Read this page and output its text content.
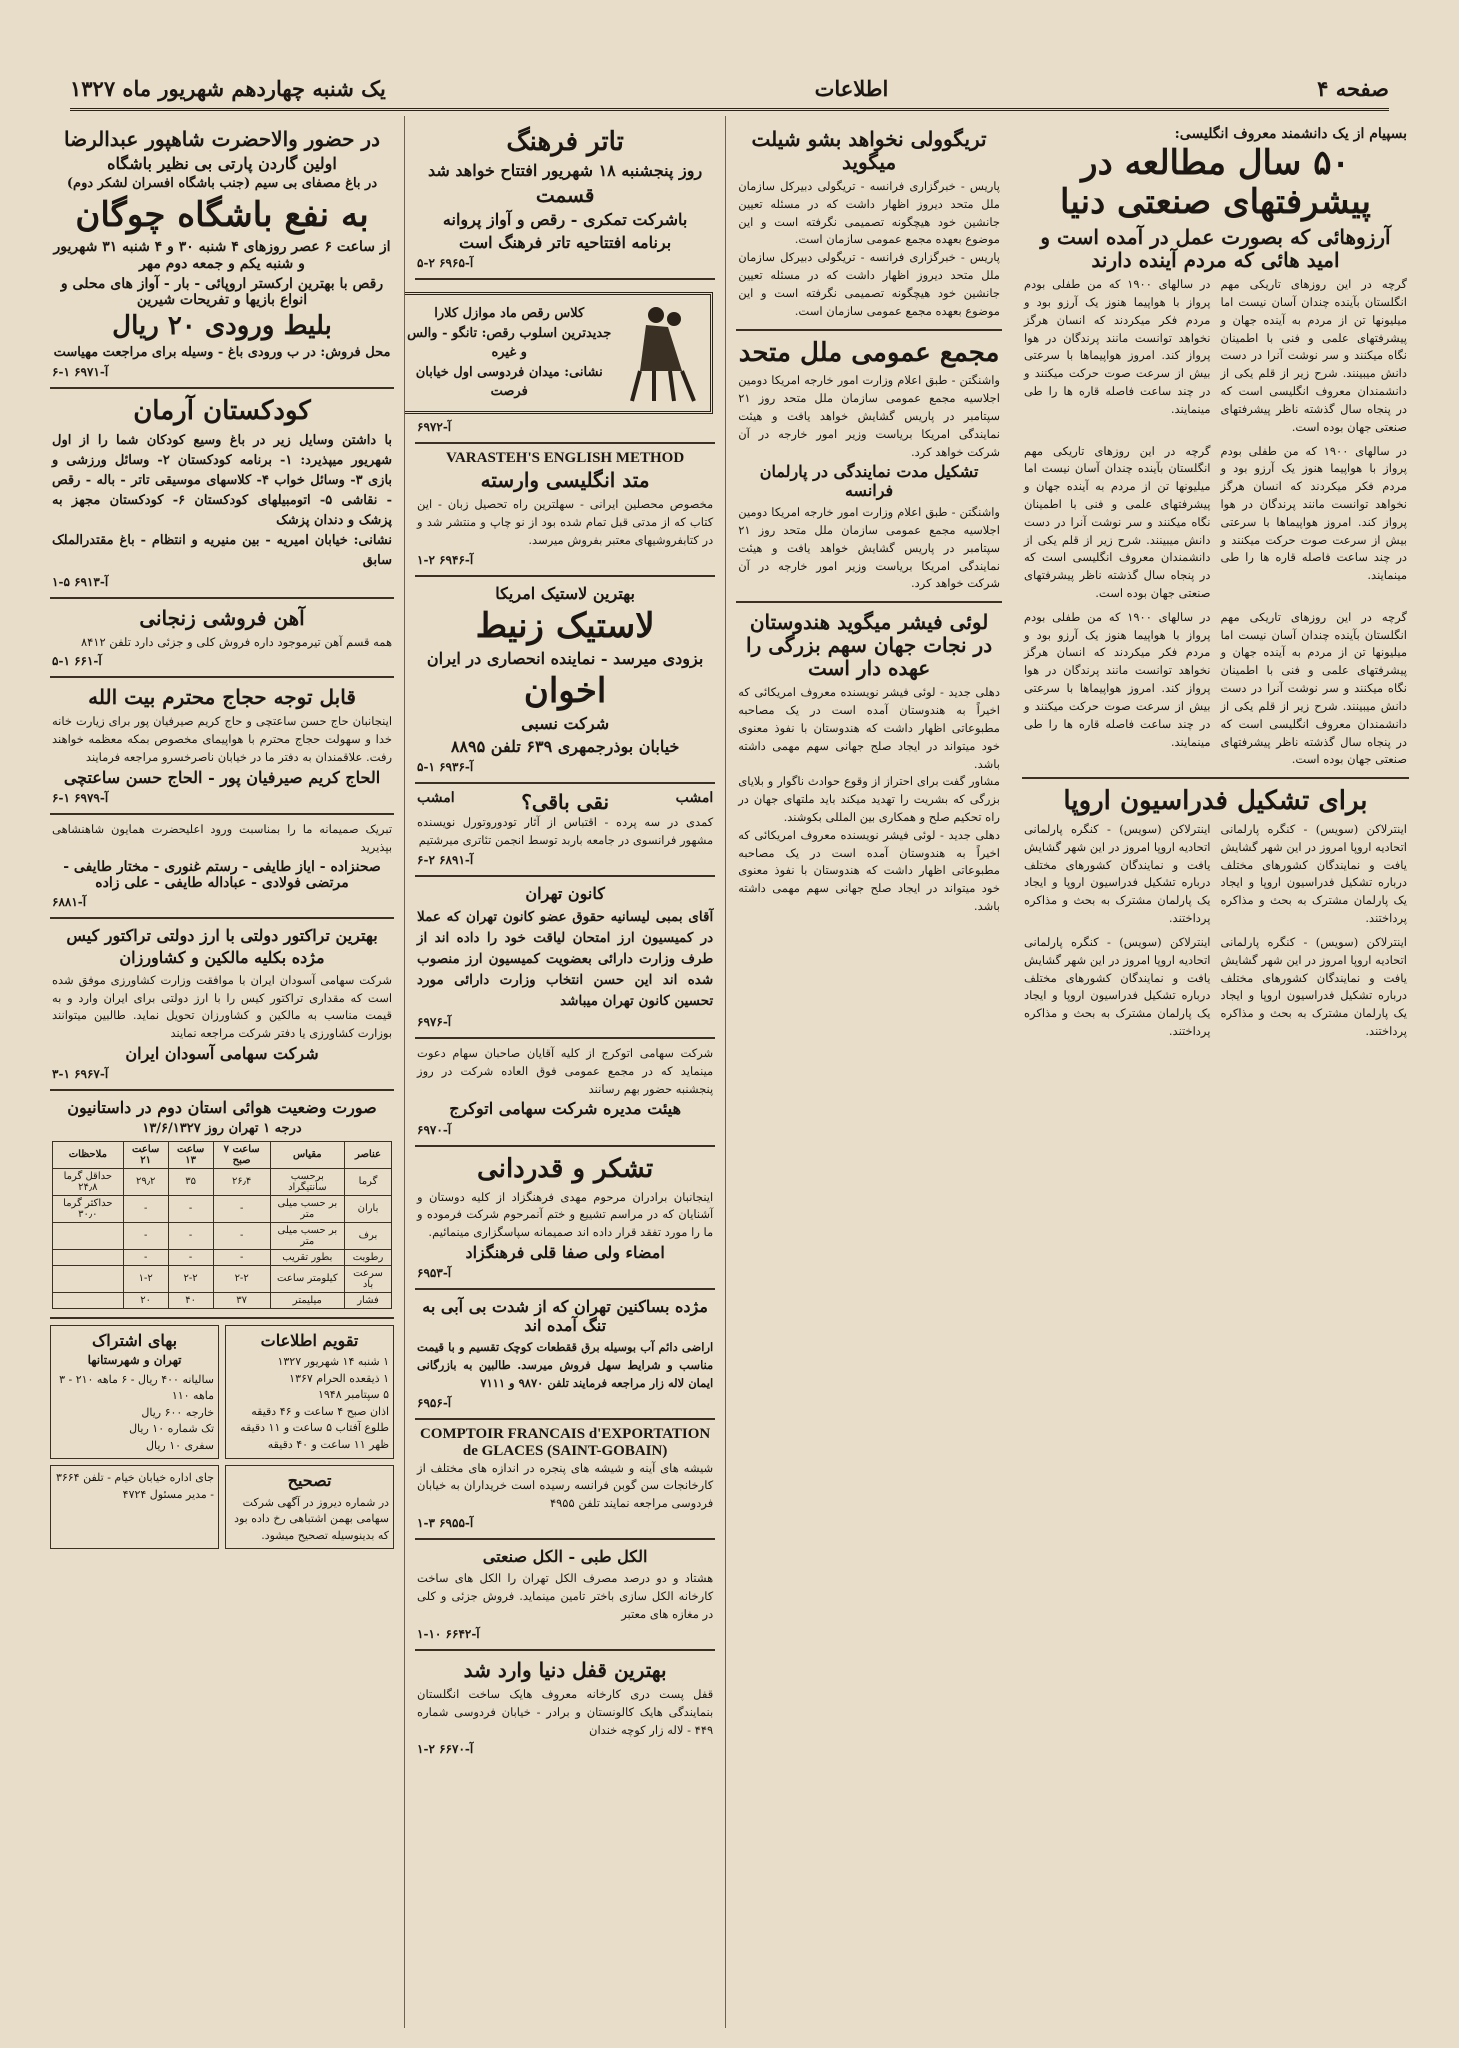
صفحه ۴
اطلاعات
یک شنبه چهاردهم شهریور ماه ۱۳۲۷
بسپیام از یک دانشمند معروف انگلیسی:
۵۰ سال مطالعه در پیشرفتهای صنعتی دنیا
آرزوهائی که بصورت عمل در آمده است و امید هائی که مردم آینده دارند
گرچه در این روزهای تاریکی مهم انگلستان بآینده چندان آسان نیست اما میلیونها تن از مردم به آینده جهان و پیشرفتهای علمی و فنی با اطمینان نگاه میکنند و سر نوشت آنرا در دست دانش میبینند. شرح زیر از قلم یکی از دانشمندان معروف انگلیسی است که در پنجاه سال گذشته ناظر پیشرفتهای صنعتی جهان بوده است.
در سالهای ۱۹۰۰ که من طفلی بودم پرواز با هواپیما هنوز یک آرزو بود و مردم فکر میکردند که انسان هرگز نخواهد توانست مانند پرندگان در هوا پرواز کند. امروز هواپیماها با سرعتی بیش از سرعت صوت حرکت میکنند و در چند ساعت فاصله قاره ها را طی مینمایند.
در سالهای ۱۹۰۰ که من طفلی بودم پرواز با هواپیما هنوز یک آرزو بود و مردم فکر میکردند که انسان هرگز نخواهد توانست مانند پرندگان در هوا پرواز کند. امروز هواپیماها با سرعتی بیش از سرعت صوت حرکت میکنند و در چند ساعت فاصله قاره ها را طی مینمایند.
گرچه در این روزهای تاریکی مهم انگلستان بآینده چندان آسان نیست اما میلیونها تن از مردم به آینده جهان و پیشرفتهای علمی و فنی با اطمینان نگاه میکنند و سر نوشت آنرا در دست دانش میبینند. شرح زیر از قلم یکی از دانشمندان معروف انگلیسی است که در پنجاه سال گذشته ناظر پیشرفتهای صنعتی جهان بوده است.
گرچه در این روزهای تاریکی مهم انگلستان بآینده چندان آسان نیست اما میلیونها تن از مردم به آینده جهان و پیشرفتهای علمی و فنی با اطمینان نگاه میکنند و سر نوشت آنرا در دست دانش میبینند. شرح زیر از قلم یکی از دانشمندان معروف انگلیسی است که در پنجاه سال گذشته ناظر پیشرفتهای صنعتی جهان بوده است.
در سالهای ۱۹۰۰ که من طفلی بودم پرواز با هواپیما هنوز یک آرزو بود و مردم فکر میکردند که انسان هرگز نخواهد توانست مانند پرندگان در هوا پرواز کند. امروز هواپیماها با سرعتی بیش از سرعت صوت حرکت میکنند و در چند ساعت فاصله قاره ها را طی مینمایند.
برای تشکیل فدراسیون اروپا
اینترلاکن (سویس) - کنگره پارلمانی اتحادیه اروپا امروز در این شهر گشایش یافت و نمایندگان کشورهای مختلف درباره تشکیل فدراسیون اروپا و ایجاد یک پارلمان مشترک به بحث و مذاکره پرداختند.
اینترلاکن (سویس) - کنگره پارلمانی اتحادیه اروپا امروز در این شهر گشایش یافت و نمایندگان کشورهای مختلف درباره تشکیل فدراسیون اروپا و ایجاد یک پارلمان مشترک به بحث و مذاکره پرداختند.
اینترلاکن (سویس) - کنگره پارلمانی اتحادیه اروپا امروز در این شهر گشایش یافت و نمایندگان کشورهای مختلف درباره تشکیل فدراسیون اروپا و ایجاد یک پارلمان مشترک به بحث و مذاکره پرداختند.
اینترلاکن (سویس) - کنگره پارلمانی اتحادیه اروپا امروز در این شهر گشایش یافت و نمایندگان کشورهای مختلف درباره تشکیل فدراسیون اروپا و ایجاد یک پارلمان مشترک به بحث و مذاکره پرداختند.
تریگوولی نخواهد بشو شیلت میگوید
پاریس - خبرگزاری فرانسه - تریگولی دبیرکل سازمان ملل متحد دیروز اظهار داشت که در مسئله تعیین جانشین خود هیچگونه تصمیمی نگرفته است و این موضوع بعهده مجمع عمومی سازمان است.
پاریس - خبرگزاری فرانسه - تریگولی دبیرکل سازمان ملل متحد دیروز اظهار داشت که در مسئله تعیین جانشین خود هیچگونه تصمیمی نگرفته است و این موضوع بعهده مجمع عمومی سازمان است.
مجمع عمومی ملل متحد
واشنگتن - طبق اعلام وزارت امور خارجه امریکا دومین اجلاسیه مجمع عمومی سازمان ملل متحد روز ۲۱ سپتامبر در پاریس گشایش خواهد یافت و هیئت نمایندگی امریکا بریاست وزیر امور خارجه در آن شرکت خواهد کرد.
تشکیل مدت نمایندگی در پارلمان فرانسه
واشنگتن - طبق اعلام وزارت امور خارجه امریکا دومین اجلاسیه مجمع عمومی سازمان ملل متحد روز ۲۱ سپتامبر در پاریس گشایش خواهد یافت و هیئت نمایندگی امریکا بریاست وزیر امور خارجه در آن شرکت خواهد کرد.
لوئی فیشر میگوید هندوستان در نجات جهان سهم بزرگی را عهده دار است
دهلی جدید - لوئی فیشر نویسنده معروف امریکائی که اخیراً به هندوستان آمده است در یک مصاحبه مطبوعاتی اظهار داشت که هندوستان با نفوذ معنوی خود میتواند در ایجاد صلح جهانی سهم مهمی داشته باشد.
مشاور گفت برای احتراز از وقوع حوادث ناگوار و بلایای بزرگی که بشریت را تهدید میکند باید ملتهای جهان در راه تحکیم صلح و همکاری بین المللی بکوشند.
دهلی جدید - لوئی فیشر نویسنده معروف امریکائی که اخیراً به هندوستان آمده است در یک مصاحبه مطبوعاتی اظهار داشت که هندوستان با نفوذ معنوی خود میتواند در ایجاد صلح جهانی سهم مهمی داشته باشد.
تاتر فرهنگ
روز پنجشنبه ۱۸ شهریور افتتاح خواهد شد
قسمت
باشرکت تمکری - رقص و آواز پروانه
برنامه افتتاحیه تاتر فرهنگ است
آ-۶۹۶۵ ۲-۵
کلاس رقص ماد موازل کلارا
جدیدترین اسلوب رقص: تانگو - والس و غیره
نشانی: میدان فردوسی اول خیابان فرصت
آ-۶۹۷۲
VARASTEH'S ENGLISH METHOD
متد انگلیسی وارسته
مخصوص محصلین ایرانی - سهلترین راه تحصیل زبان - این کتاب که از مدتی قبل تمام شده بود از نو چاپ و منتشر شد و در کتابفروشیهای معتبر بفروش میرسد.
آ-۶۹۴۶ ۲-۱
بهترین لاستیک امریکا
لاستیک زنیط
بزودی میرسد - نماینده انحصاری در ایران
اخوان
شرکت نسبی
خیابان بوذرجمهری ۶۳۹ تلفن ۸۸۹۵
آ-۶۹۳۶ ۱-۵
امشب
نقی باقی؟
امشب
کمدی در سه پرده - اقتباس از آثار تودوروتورل نویسنده مشهور فرانسوی در جامعه باربد توسط انجمن تئاتری میرشتیم
آ-۶۸۹۱ ۲-۶
کانون تهران
آقای بمبی لیسانیه حقوق عضو کانون تهران که عملا در کمیسیون ارز امتحان لیاقت خود را داده اند از طرف وزارت دارائی بعضویت کمیسیون ارز منصوب شده اند این حسن انتخاب وزارت دارائی مورد تحسین کانون تهران میباشد
آ-۶۹۷۶
شرکت سهامی اتوکرج از کلیه آقایان صاحبان سهام دعوت مینماید که در مجمع عمومی فوق العاده شرکت در روز پنجشنبه حضور بهم رسانند
هیئت مدیره شرکت سهامی اتوکرج
آ-۶۹۷۰
تشکر و قدردانی
اینجانبان برادران مرحوم مهدی فرهنگزاد از کلیه دوستان و آشنایان که در مراسم تشییع و ختم آنمرحوم شرکت فرموده و ما را مورد تفقد قرار داده اند صمیمانه سپاسگزاری مینمائیم.
امضاء ولی صفا قلی فرهنگزاد
آ-۶۹۵۳
مژده بساکنین تهران که از شدت بی آبی به تنگ آمده اند
اراضی دائم آب بوسیله برق ققطعات کوچک تقسیم و با قیمت مناسب و شرایط سهل فروش میرسد. طالبین به بازرگانی ایمان لاله زار مراجعه فرمایند تلفن ۹۸۷۰ و ۷۱۱۱
آ-۶۹۵۶
COMPTOIR FRANCAIS d'EXPORTATION de GLACES (SAINT-GOBAIN)
شیشه های آینه و شیشه های پنجره در اندازه های مختلف از کارخانجات سن گوبن فرانسه رسیده است خریداران به خیابان فردوسی مراجعه نمایند تلفن ۴۹۵۵
آ-۶۹۵۵ ۳-۱
الکل طبی - الکل صنعتی
هشتاد و دو درصد مصرف الکل تهران را الکل های ساخت کارخانه الکل سازی باختر تامین مینماید. فروش جزئی و کلی در مغازه های معتبر
آ-۶۶۴۲ ۱۰-۱
بهترین قفل دنیا وارد شد
قفل پست دری کارخانه معروف هایک ساخت انگلستان بنمایندگی هایک کالونستان و برادر - خیابان فردوسی شماره ۴۴۹ - لاله زار کوچه خندان
آ-۶۶۷۰ ۲-۱
در حضور والاحضرت شاهپور عبدالرضا
اولین گاردن پارتی بی نظیر باشگاه
در باغ مصفای بی سیم (جنب باشگاه افسران لشکر دوم)
به نفع باشگاه چوگان
از ساعت ۶ عصر روزهای ۴ شنبه ۳۰ و ۴ شنبه ۳۱ شهریور و شنبه یکم و جمعه دوم مهر
رقص با بهترین ارکستر اروپائی - بار - آواز های محلی و انواع بازیها و تفریحات شیرین
بلیط ورودی ۲۰ ریال
محل فروش: در ب ورودی باغ - وسیله برای مراجعت مهیاست
آ-۶۹۷۱ ۱-۶
کودکستان آرمان
با داشتن وسایل زیر در باغ وسیع کودکان شما را از اول شهریور میپذیرد: ۱- برنامه کودکستان ۲- وسائل ورزشی و بازی ۳- وسائل خواب ۴- کلاسهای موسیقی تاتر - باله - رقص - نقاشی ۵- اتومبیلهای کودکستان ۶- کودکستان مجهز به پزشک و دندان پزشک
نشانی: خیابان امیریه - بین منیریه و انتظام - باغ مقتدرالملک سابق
آ-۶۹۱۳ ۵-۱
آهن فروشی زنجانی
همه قسم آهن تیرموجود داره فروش کلی و جزئی دارد تلفن ۸۴۱۲
آ-۶۶۱ ۱-۵
قابل توجه حجاج محترم بیت الله
اینجانبان حاج حسن ساعتچی و حاج کریم صیرفیان پور برای زیارت خانه خدا و سهولت حجاج محترم با هواپیمای مخصوص بمکه معظمه خواهند رفت. علاقمندان به دفتر ما در خیابان ناصرخسرو مراجعه فرمایند
الحاج کریم صیرفیان پور - الحاج حسن ساعتچی
آ-۶۹۷۹ ۱-۶
تبریک صمیمانه ما را بمناسبت ورود اعلیحضرت همایون شاهنشاهی بپذیرید
صحنزاده - ایاز طایفی - رستم غنوری - مختار طایفی - مرتضی فولادی - عباداله طایفی - علی زاده
آ-۶۸۸۱
بهترین تراکتور دولتی با ارز دولتی تراکتور کیس
مژده بکلیه مالکین و کشاورزان
شرکت سهامی آسودان ایران با موافقت وزارت کشاورزی موفق شده است که مقداری تراکتور کیس را با ارز دولتی برای ایران وارد و به قیمت مناسب به مالکین و کشاورزان تحویل نماید. طالبین میتوانند بوزارت کشاورزی یا دفتر شرکت مراجعه نمایند
شرکت سهامی آسودان ایران
آ-۶۹۶۷ ۱-۳
صورت وضعیت هوائی استان دوم در داستانیون
درجه ۱ تهران روز ۱۳/۶/۱۳۲۷
عناصر	مقیاس	ساعت ۷ صبح	ساعت ۱۳	ساعت ۲۱	ملاحظات
گرما	برحسب سانتیگراد	۲۶٫۴	۳۵	۲۹٫۲	حداقل گرما ۲۴٫۸
باران	بر حسب میلی متر	-	-	-	حداکثر گرما ۳۰٫۰
برف	بر حسب میلی متر	-	-	-	
رطوبت	بطور تقریب	-	-	-	
سرعت باد	کیلومتر ساعت	۲-۲	۲-۲	۱-۲	
فشار	میلیمتر	۳۷	۴۰	۲۰	
تقویم اطلاعات
۱ شنبه ۱۴ شهریور ۱۳۲۷
۱ ذیقعده الحرام ۱۳۶۷
۵ سپتامبر ۱۹۴۸
اذان صبح ۴ ساعت و ۴۶ دقیقه
طلوع آفتاب ۵ ساعت و ۱۱ دقیقه
ظهر ۱۱ ساعت و ۴۰ دقیقه
بهای اشتراک
تهران و شهرستانها
ساليانه ۴۰۰ ریال - ۶ ماهه ۲۱۰ - ۳ ماهه ۱۱۰
خارجه ۶۰۰ ریال
تک شماره ۱۰ ریال
سفری ۱۰ ریال
تصحیح
در شماره دیروز در آگهی شرکت سهامی بهمن اشتباهی رخ داده بود که بدینوسیله تصحیح میشود.
جای اداره خیابان خیام - تلفن ۳۶۶۴ - مدیر مسئول ۴۷۲۴
